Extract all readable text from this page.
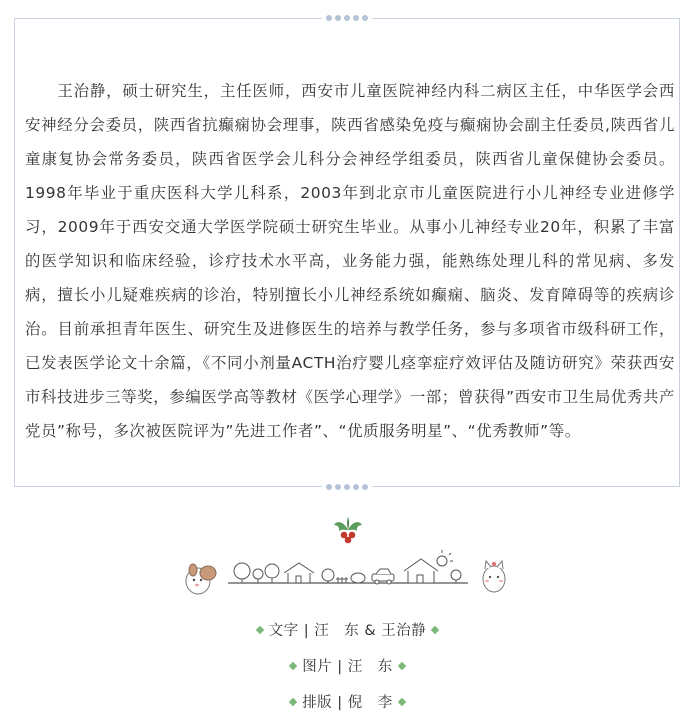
王治静，硕士研究生，主任医师，西安市儿童医院神经内科二病区主任，中华医学会西安神经分会委员，陕西省抗癫痫协会理事，陕西省感染免疫与癫痫协会副主任委员,陕西省儿童康复协会常务委员，陕西省医学会儿科分会神经学组委员，陕西省儿童保健协会委员。1998年毕业于重庆医科大学儿科系，2003年到北京市儿童医院进行小儿神经专业进修学习，2009年于西安交通大学医学院硕士研究生毕业。从事小儿神经专业20年，积累了丰富的医学知识和临床经验，诊疗技术水平高，业务能力强，能熟练处理儿科的常见病、多发病，擅长小儿疑难疾病的诊治，特别擅长小儿神经系统如癫痫、脑炎、发育障碍等的疾病诊治。目前承担青年医生、研究生及进修医生的培养与教学任务，参与多项省市级科研工作，已发表医学论文十余篇，《不同小剂量ACTH治疗婴儿痉挛症疗效评估及随访研究》荣获西安市科技进步三等奖，参编医学高等教材《医学心理学》一部；曾获得”西安市卫生局优秀共产党员”称号，多次被医院评为”先进工作者”、“优质服务明星”、“优秀教师”等。

文字 | 汪　东 & 王治静
图片 | 汪　东
排版 | 倪　李
